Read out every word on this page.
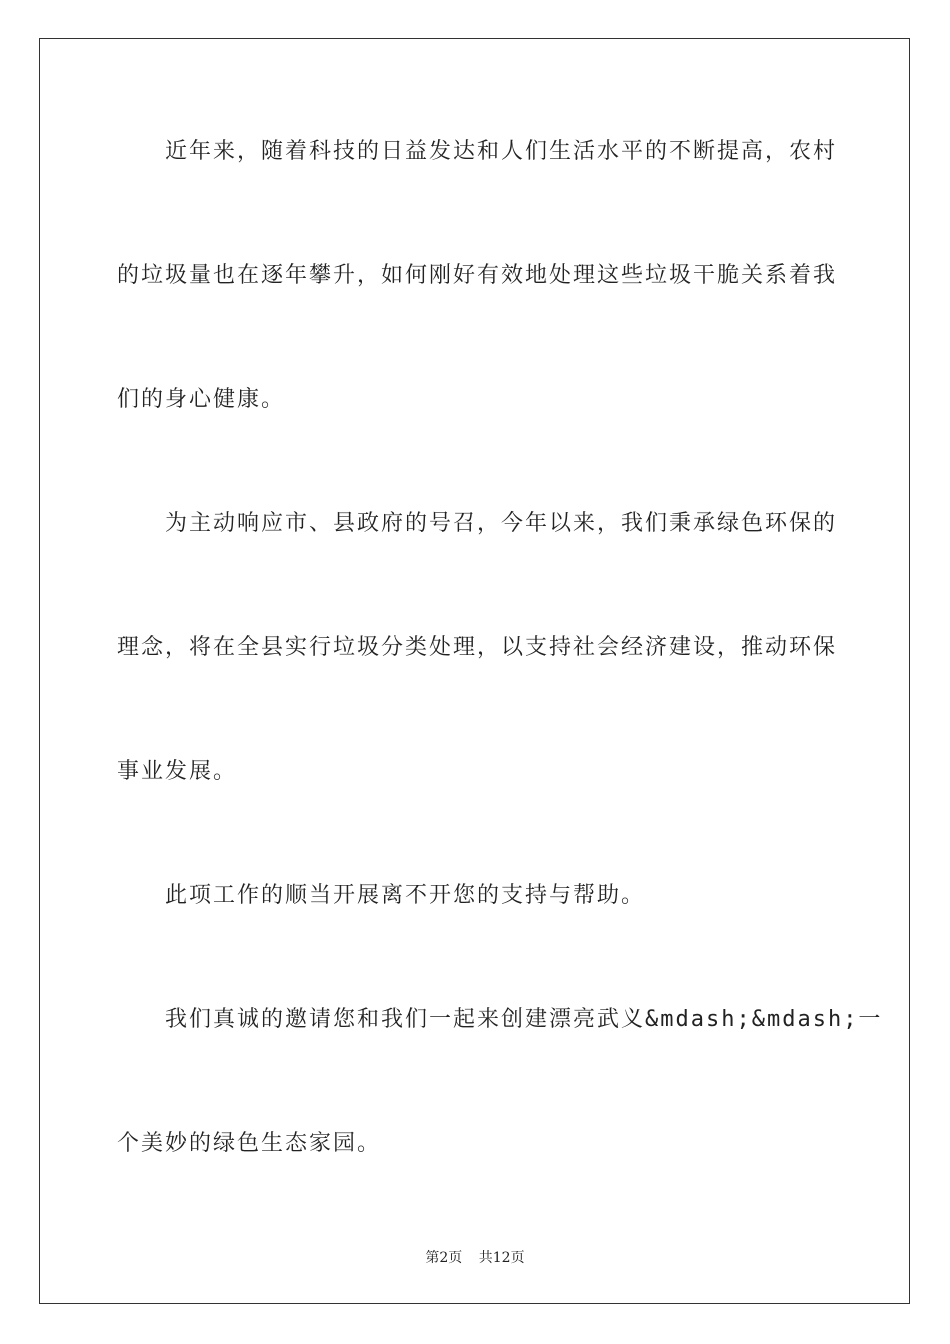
近年来，随着科技的日益发达和人们生活水平的不断提高，农村
的垃圾量也在逐年攀升，如何刚好有效地处理这些垃圾干脆关系着我
们的身心健康。
为主动响应市、县政府的号召，今年以来，我们秉承绿色环保的
理念，将在全县实行垃圾分类处理，以支持社会经济建设，推动环保
事业发展。
此项工作的顺当开展离不开您的支持与帮助。
我们真诚的邀请您和我们一起来创建漂亮武义&mdash;&mdash;一
个美妙的绿色生态家园。
第2页 共12页
